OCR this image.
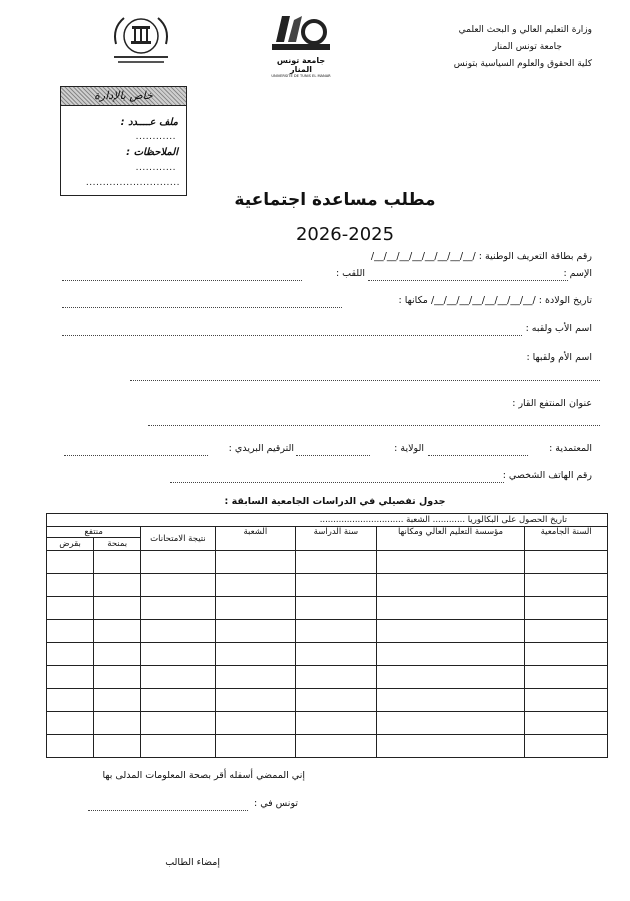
وزارة التعليم العالي و البحث العلمي
جامعة تونس المنار
كلية الحقوق والعلوم السياسية بتونس
جامعة تونس المنار
UNIVERSITÉ DE TUNIS EL MANAR
خاص بالإدارة
ملف عــــدد :
............
الملاحظات :
............
............................
مطلب مساعدة اجتماعية
2026-2025
رقم بطاقة التعريف الوطنية : /__/__/__/__/__/__/__/__/
الإسم :
اللقب :
تاريخ الولادة : /__/__/__/__/__/__/__/__/ مكانها :
اسم الأب ولقبه :
اسم الأم ولقبها :
عنوان المنتفع القار :
المعتمدية :
الولاية :
الترقيم البريدي :
رقم الهاتف الشخصي :
جدول تفصيلي في الدراسات الجامعية السابقة :
تاريخ الحصول على البكالوريا ............ الشعبة ...............................						
السنة الجامعية	مؤسسة التعليم العالي ومكانها	سنة الدراسة	الشعبة	نتيجة الامتحانات	منتفع	
					بمنحة	بقرض

إني الممضي أسفله أقر بصحة المعلومات المدلى بها
تونس في :
إمضاء الطالب
